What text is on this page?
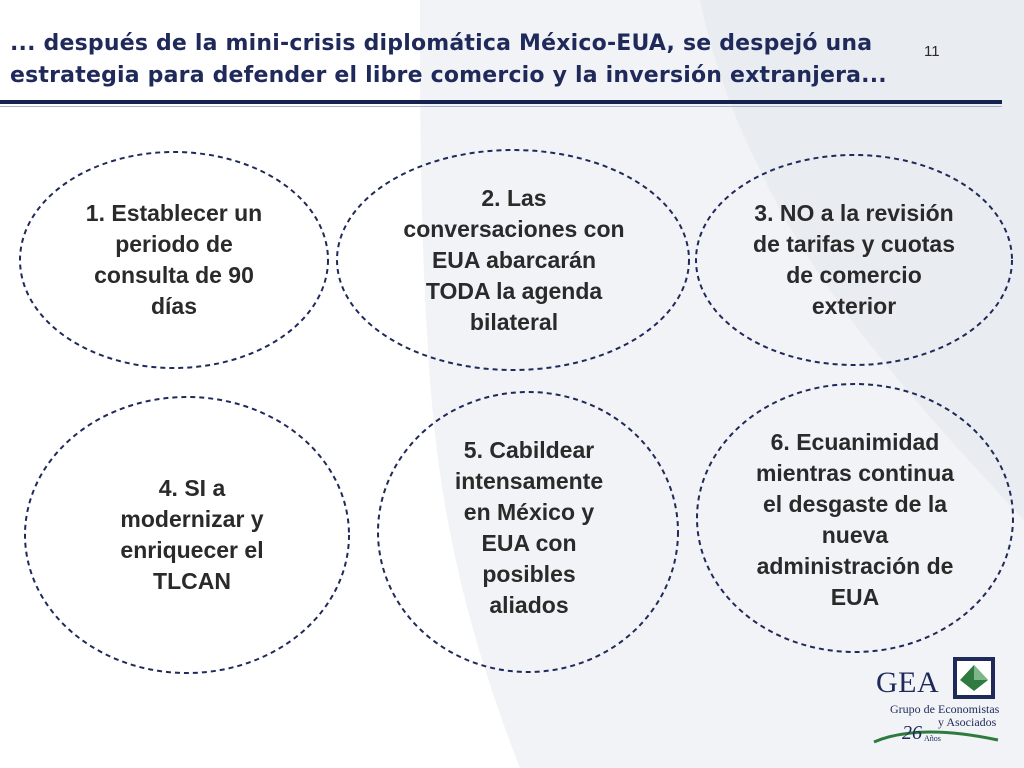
... después de la mini-crisis diplomática México-EUA, se despejó una
estrategia para defender el libre comercio y la inversión extranjera...
11
1. Establecer un periodo de consulta de 90 días
2. Las conversaciones con EUA abarcarán TODA la agenda bilateral
3. NO a la revisión de tarifas y cuotas de comercio exterior
4. SI a modernizar y enriquecer el TLCAN
5. Cabildear intensamente en México y EUA con posibles aliados
6. Ecuanimidad mientras continua el desgaste de la nueva administración de EUA
GEA
Grupo de Economistas
y Asociados
26 Años
